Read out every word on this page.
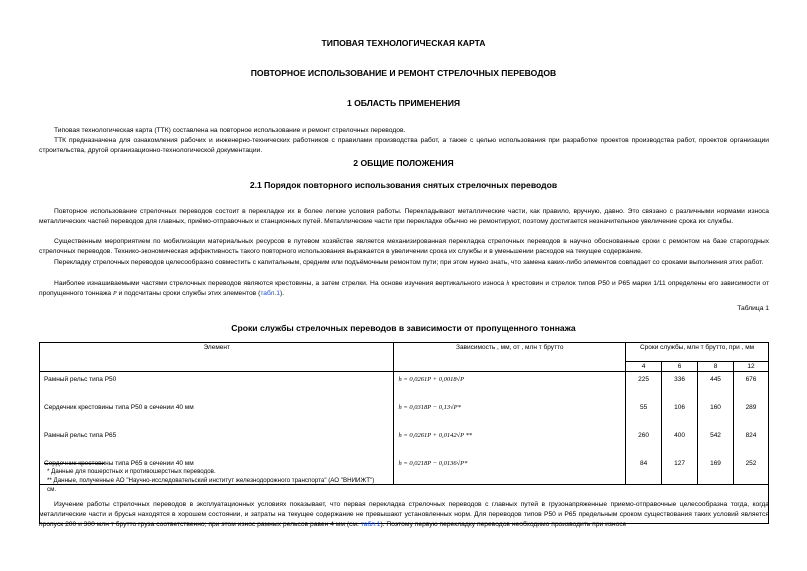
ТИПОВАЯ ТЕХНОЛОГИЧЕСКАЯ КАРТА
ПОВТОРНОЕ ИСПОЛЬЗОВАНИЕ И РЕМОНТ СТРЕЛОЧНЫХ ПЕРЕВОДОВ
1 ОБЛАСТЬ ПРИМЕНЕНИЯ
Типовая технологическая карта (ТТК) составлена на повторное использование и ремонт стрелочных переводов.
ТТК предназначена для ознакомления рабочих и инженерно-технических работников с правилами производства работ, а также с целью использования при разработке проектов производства работ, проектов организации строительства, другой организационно-технологической документации.
2 ОБЩИЕ ПОЛОЖЕНИЯ
2.1 Порядок повторного использования снятых стрелочных переводов
Повторное использование стрелочных переводов состоит в перекладке их в более легкие условия работы. Перекладывают металлические части, как правило, вручную, давно. Это связано с различными нормами износа металлических частей переводов для главных, приёмо-отправочных и станционных путей. Металлические части при перекладке обычно не ремонтируют, поэтому достигается незначительное увеличение срока их службы.
Существенным мероприятием по мобилизации материальных ресурсов в путевом хозяйстве является механизированная перекладка стрелочных переводов в научно обоснованные сроки с ремонтом на базе старогодных стрелочных переводов. Технико-экономическая эффективность такого повторного использования выражается в увеличении срока их службы и в уменьшении расходов на текущее содержание.
Перекладку стрелочных переводов целесообразно совместить с капитальным, средним или подъёмочным ремонтом пути; при этом нужно знать, что замена каких-либо элементов совпадает со сроками выполнения этих работ.
Наиболее изнашиваемыми частями стрелочных переводов являются крестовины, а затем стрелки. На основе изучения вертикального износа h крестовин и стрелок типов Р50 и Р65 марки 1/11 определены его зависимости от пропущенного тоннажа P и подсчитаны сроки службы этих элементов (табл.1).
Таблица 1
Сроки службы стрелочных переводов в зависимости от пропущенного тоннажа
Элемент	Зависимость , мм, от , млн т брутто	Сроки службы, млн т брутто, при , мм			
		4	6	8	12
Рамный рельс типа Р50	h = 0,0261P + 0,0018√P	225	336	445	676
Сердечник крестовины типа Р50 в сечении 40 мм	h = 0,0318P − 0,13√P*	55	106	160	289
Рамный рельс типа Р65	h = 0,0261P + 0,0142√P **	260	400	542	824
Сердечник крестовины типа Р65 в сечении 40 мм	h = 0,0218P − 0,0136√P*	84	127	169	252

* Данные для пошерстных и противошерстных переводов.
** Данные, полученные АО "Научно-исследовательский институт железнодорожного транспорта" (АО "ВНИИЖТ")
см.
Изучение работы стрелочных переводов в эксплуатационных условиях показывает, что первая перекладка стрелочных переводов с главных путей в грузонапряженные приемо-отправочные целесообразна тогда, когда металлические части и брусья находятся в хорошем состоянии, и затраты на текущее содержание не превышают установленных норм. Для переводов типов Р50 и Р65 предельным сроком существования таких условий является пропуск 200 и 300 млн т брутто груза соответственно; при этом износ рамных рельсов равен 4 мм (см. табл.1). Поэтому первую перекладку переводов необходимо производить при износе
